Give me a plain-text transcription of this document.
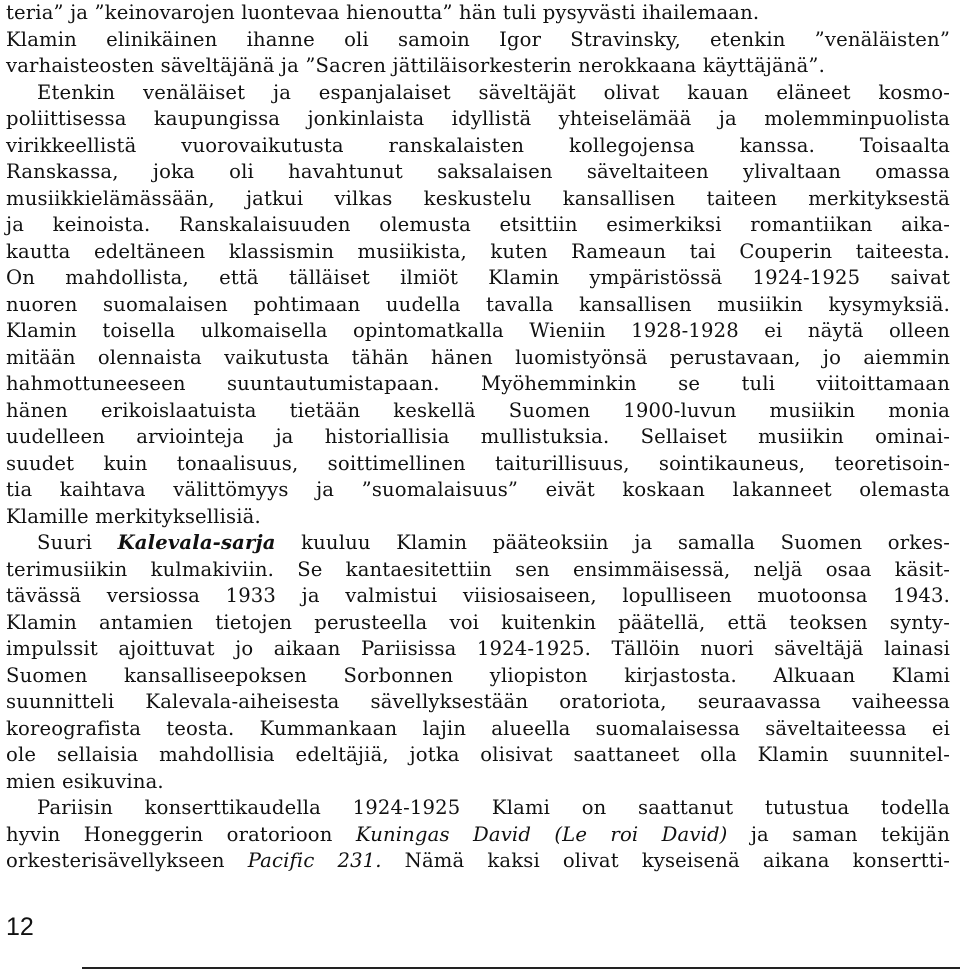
teria” ja ”keinovarojen luontevaa hienoutta” hän tuli pysyvästi ihailemaan.
Klamin elinikäinen ihanne oli samoin Igor Stravinsky, etenkin ”venäläisten”
varhaisteosten säveltäjänä ja ”Sacren jättiläisorkesterin nerokkaana käyttäjänä”.
Etenkin venäläiset ja espanjalaiset säveltäjät olivat kauan eläneet kosmo-
poliittisessa kaupungissa jonkinlaista idyllistä yhteiselämää ja molemminpuolista
virikkeellistä vuorovaikutusta ranskalaisten kollegojensa kanssa. Toisaalta
Ranskassa, joka oli havahtunut saksalaisen säveltaiteen ylivaltaan omassa
musiikkielämässään, jatkui vilkas keskustelu kansallisen taiteen merkityksestä
ja keinoista. Ranskalaisuuden olemusta etsittiin esimerkiksi romantiikan aika-
kautta edeltäneen klassismin musiikista, kuten Rameaun tai Couperin taiteesta.
On mahdollista, että tälläiset ilmiöt Klamin ympäristössä 1924-1925 saivat
nuoren suomalaisen pohtimaan uudella tavalla kansallisen musiikin kysymyksiä.
Klamin toisella ulkomaisella opintomatkalla Wieniin 1928-1928 ei näytä olleen
mitään olennaista vaikutusta tähän hänen luomistyönsä perustavaan, jo aiemmin
hahmottuneeseen suuntautumistapaan. Myöhemminkin se tuli viitoittamaan
hänen erikoislaatuista tietään keskellä Suomen 1900-luvun musiikin monia
uudelleen arviointeja ja historiallisia mullistuksia. Sellaiset musiikin ominai-
suudet kuin tonaalisuus, soittimellinen taiturillisuus, sointikauneus, teoretisoin-
tia kaihtava välittömyys ja ”suomalaisuus” eivät koskaan lakanneet olemasta
Klamille merkityksellisiä.
Suuri Kalevala-sarja kuuluu Klamin pääteoksiin ja samalla Suomen orkes-
terimusiikin kulmakiviin. Se kantaesitettiin sen ensimmäisessä, neljä osaa käsit-
tävässä versiossa 1933 ja valmistui viisiosaiseen, lopulliseen muotoonsa 1943.
Klamin antamien tietojen perusteella voi kuitenkin päätellä, että teoksen synty-
impulssit ajoittuvat jo aikaan Pariisissa 1924-1925. Tällöin nuori säveltäjä lainasi
Suomen kansalliseepoksen Sorbonnen yliopiston kirjastosta. Alkuaan Klami
suunnitteli Kalevala-aiheisesta sävellyksestään oratoriota, seuraavassa vaiheessa
koreografista teosta. Kummankaan lajin alueella suomalaisessa säveltaiteessa ei
ole sellaisia mahdollisia edeltäjiä, jotka olisivat saattaneet olla Klamin suunnitel-
mien esikuvina.
Pariisin konserttikaudella 1924-1925 Klami on saattanut tutustua todella
hyvin Honeggerin oratorioon Kuningas David (Le roi David) ja saman tekijän
orkesterisävellykseen Pacific 231. Nämä kaksi olivat kyseisenä aikana konsertti-
12
